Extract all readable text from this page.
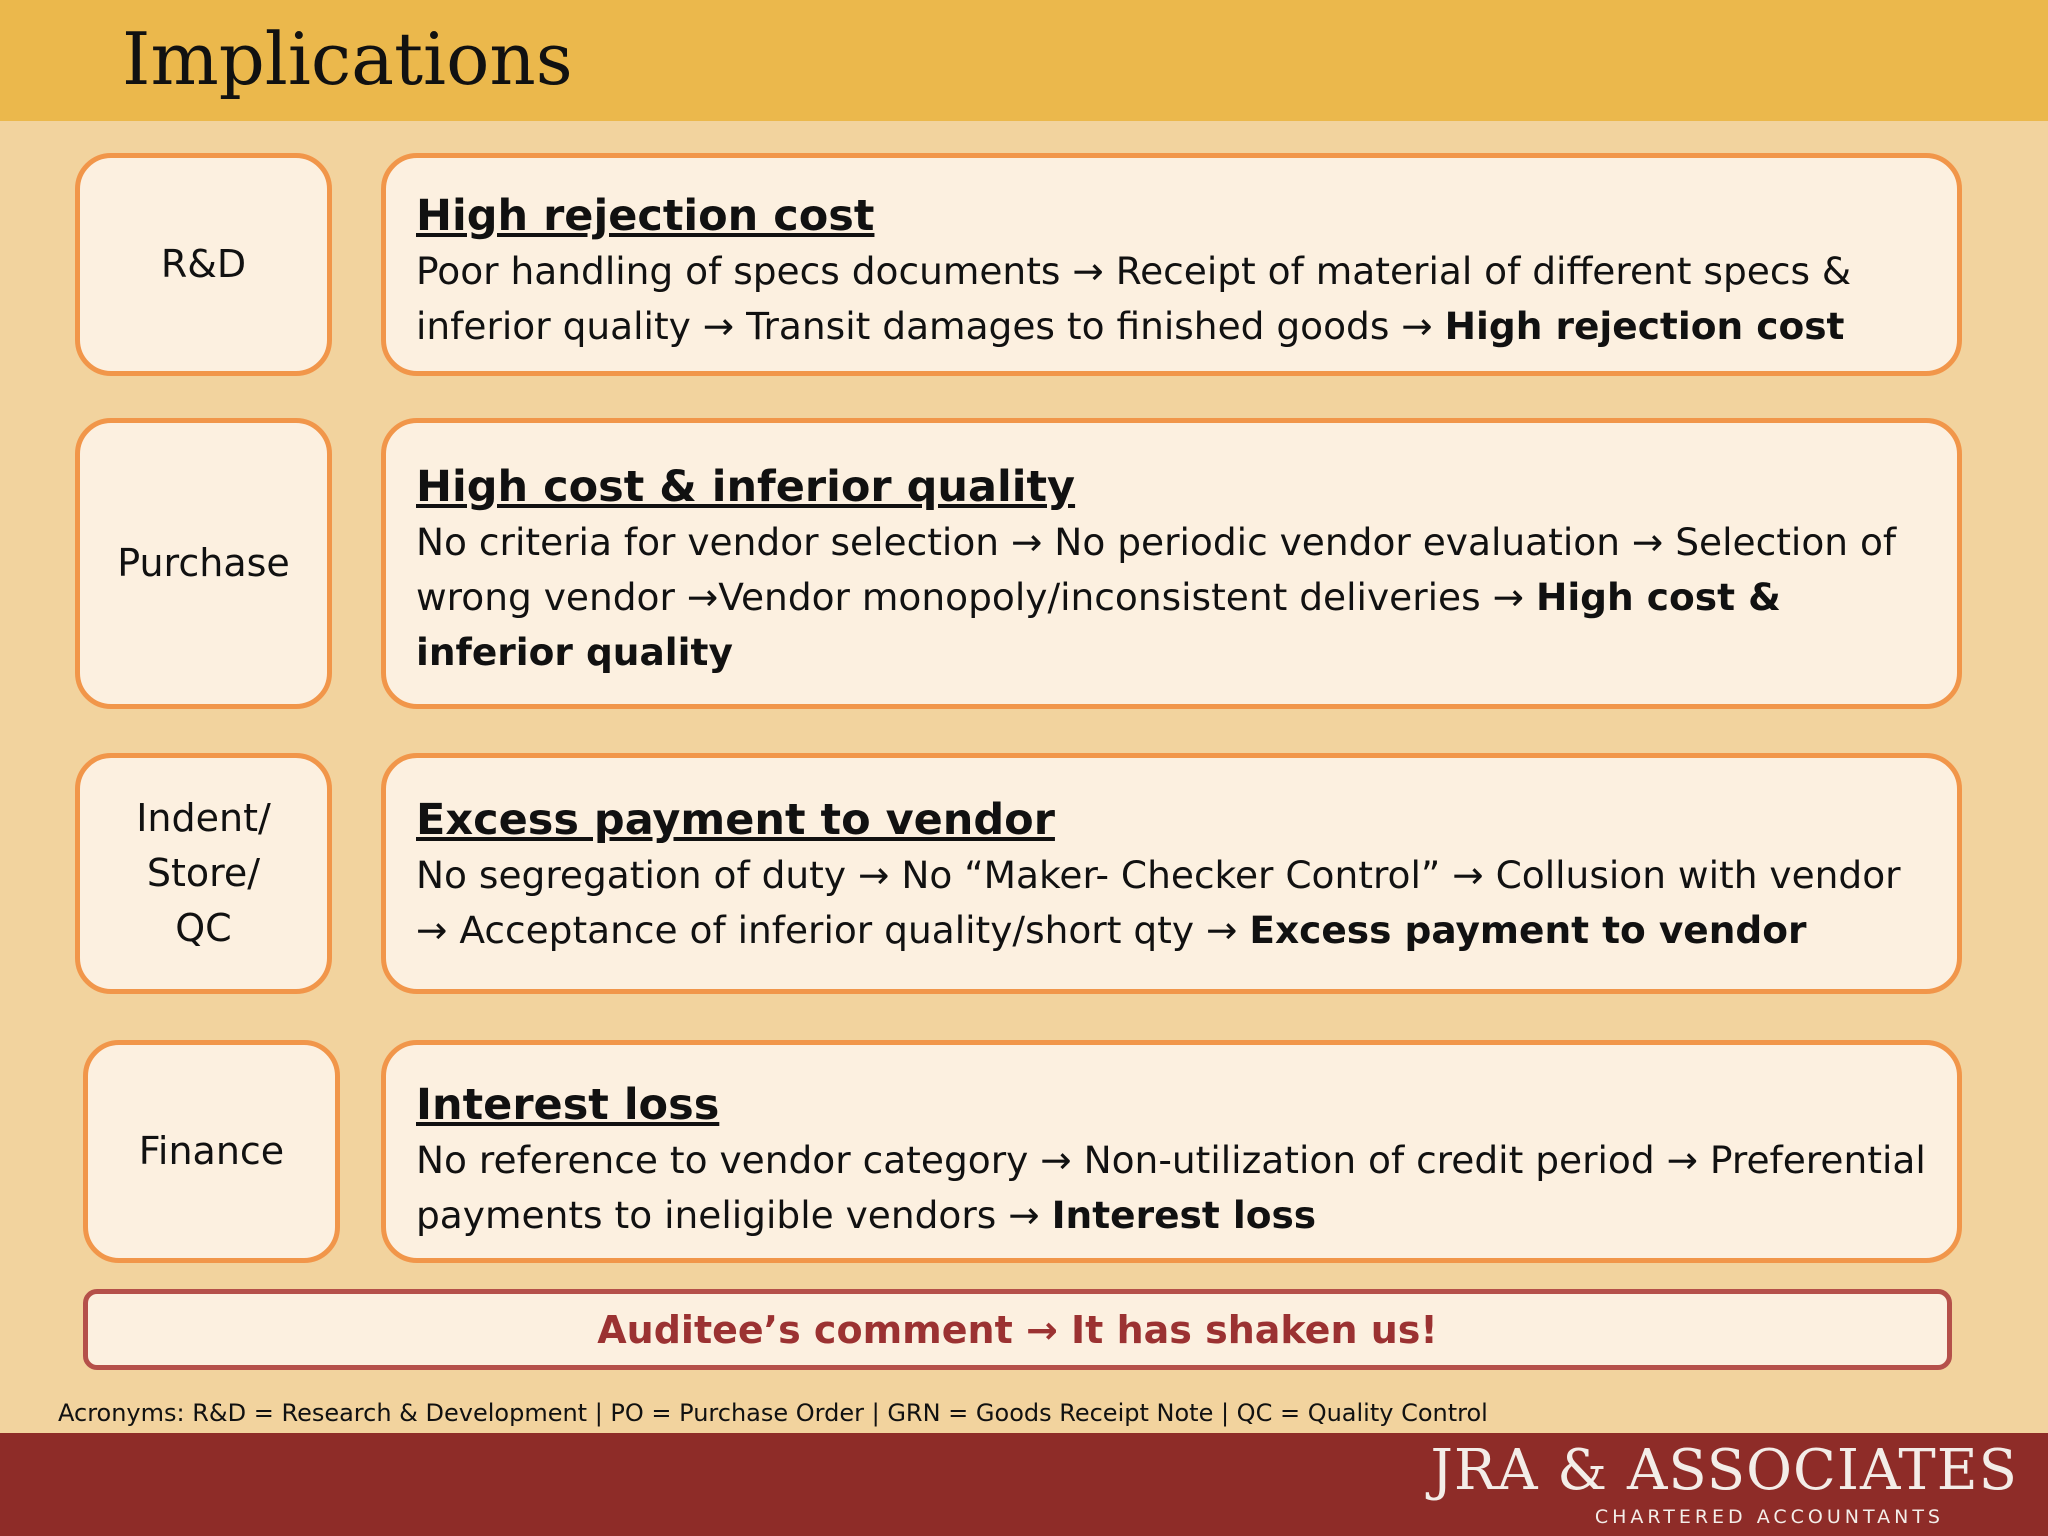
Implications
R&D
High rejection cost
Poor handling of specs documents → Receipt of material of different specs & inferior quality → Transit damages to finished goods → High rejection cost
Purchase
High cost & inferior quality
No criteria for vendor selection → No periodic vendor evaluation → Selection of wrong vendor →Vendor monopoly/inconsistent deliveries → High cost & inferior quality
Indent/
Store/
QC
Excess payment to vendor
No segregation of duty → No “Maker- Checker Control” → Collusion with vendor → Acceptance of inferior quality/short qty → Excess payment to vendor
Finance
Interest loss
No reference to vendor category → Non-utilization of credit period → Preferential payments to ineligible vendors → Interest loss
Auditee’s comment → It has shaken us!
Acronyms: R&D = Research & Development | PO = Purchase Order | GRN = Goods Receipt Note | QC = Quality Control
JRA & ASSOCIATES
CHARTERED ACCOUNTANTS
